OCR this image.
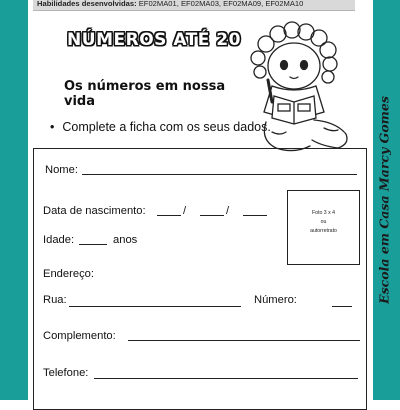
Habilidades desenvolvidas: EF02MA01, EF02MA03, EF02MA09, EF02MA10
Escola em Casa Marcy Gomes
NÚMEROS ATÉ 20
Os números em nossa vida
• Complete a ficha com os seus dados.
Nome:
Data de nascimento:	/	/
Idade:	anos
Foto 3 x 4
ou
autorretrato
Endereço:
Rua:	Número:
Complemento:
Telefone:
